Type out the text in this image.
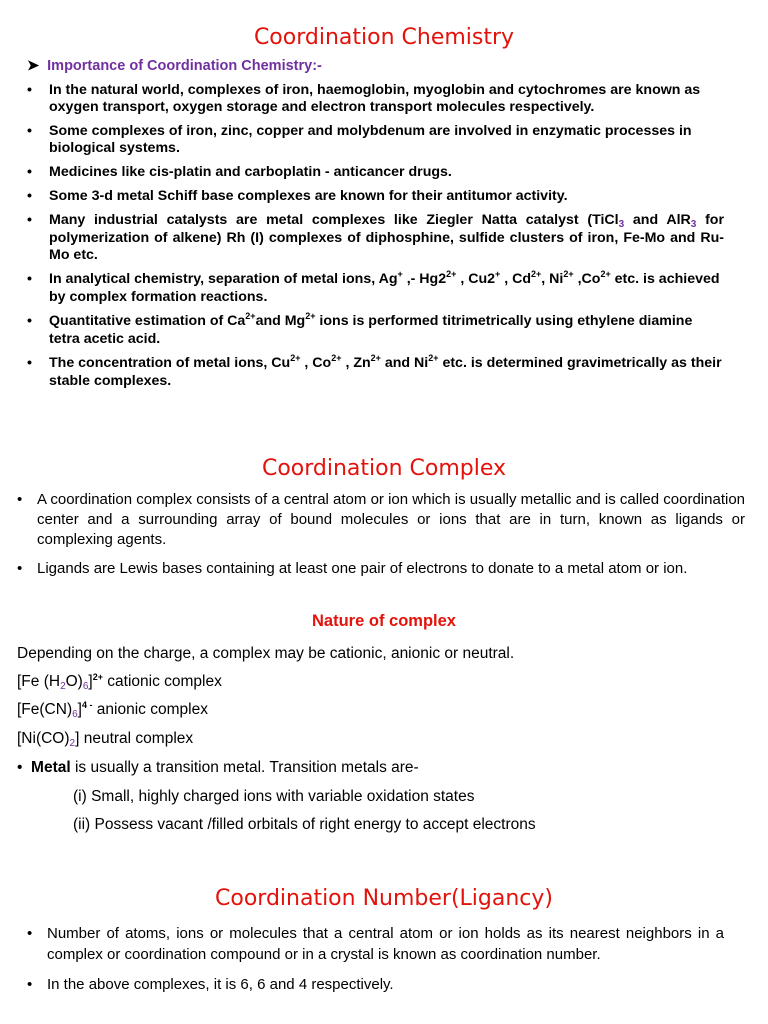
Coordination Chemistry
➤ Importance of Coordination Chemistry:-
• In the natural world, complexes of iron, haemoglobin, myoglobin and cytochromes are known as oxygen transport, oxygen storage and electron transport molecules respectively.
• Some complexes of iron, zinc, copper and molybdenum are involved in enzymatic processes in biological systems.
• Medicines like cis-platin and carboplatin - anticancer drugs.
• Some 3-d metal Schiff base complexes are known for their antitumor activity.
• Many industrial catalysts are metal complexes like Ziegler Natta catalyst (TiCl$_3$ and AlR$_3$ for polymerization of alkene) Rh (I) complexes of diphosphine, sulfide clusters of iron, Fe-Mo and Ru-Mo etc.
• In analytical chemistry, separation of metal ions, Ag+ ,- $Hg2^{2+}$ , Cu2+ , $Cd^{2+}$, $Ni^{2+}$ $,Co^{2+}$ etc. is achieved by complex formation reactions.
• Quantitative estimation of $Ca^{2+}and$ $Mg^{2+}$ ions is performed titrimetrically using ethylene diamine tetra acetic acid.
• The concentration of metal ions, $Cu^{2+}$ , $Co^{2+}$ , $Zn^{2+}$ and $Ni^{2+}$ etc. is determined gravimetrically as their stable complexes.
Coordination Complex
• A coordination complex consists of a central atom or ion which is usually metallic and is called coordination center and a surrounding array of bound molecules or ions that are in turn, known as ligands or complexing agents.
• Ligands are Lewis bases containing at least one pair of electrons to donate to a metal atom or ion.
Nature of complex
Depending on the charge, a complex may be cationic, anionic or neutral.
[Fe (H2O)6]$^{2+}$ cationic complex
$[Fe(CN)6]^{4 -}$ anionic complex
[Ni(CO)2] neutral complex
•  Metal is usually a transition metal. Transition metals are-
(i) Small, highly charged ions with variable oxidation states
(ii) Possess vacant /filled orbitals of right energy to accept electrons
Coordination Number(Ligancy)
• Number of atoms, ions or molecules that a central atom or ion holds as its nearest neighbors in a complex or coordination compound or in a crystal is known as coordination number.
• In the above complexes, it is 6, 6 and 4 respectively.
